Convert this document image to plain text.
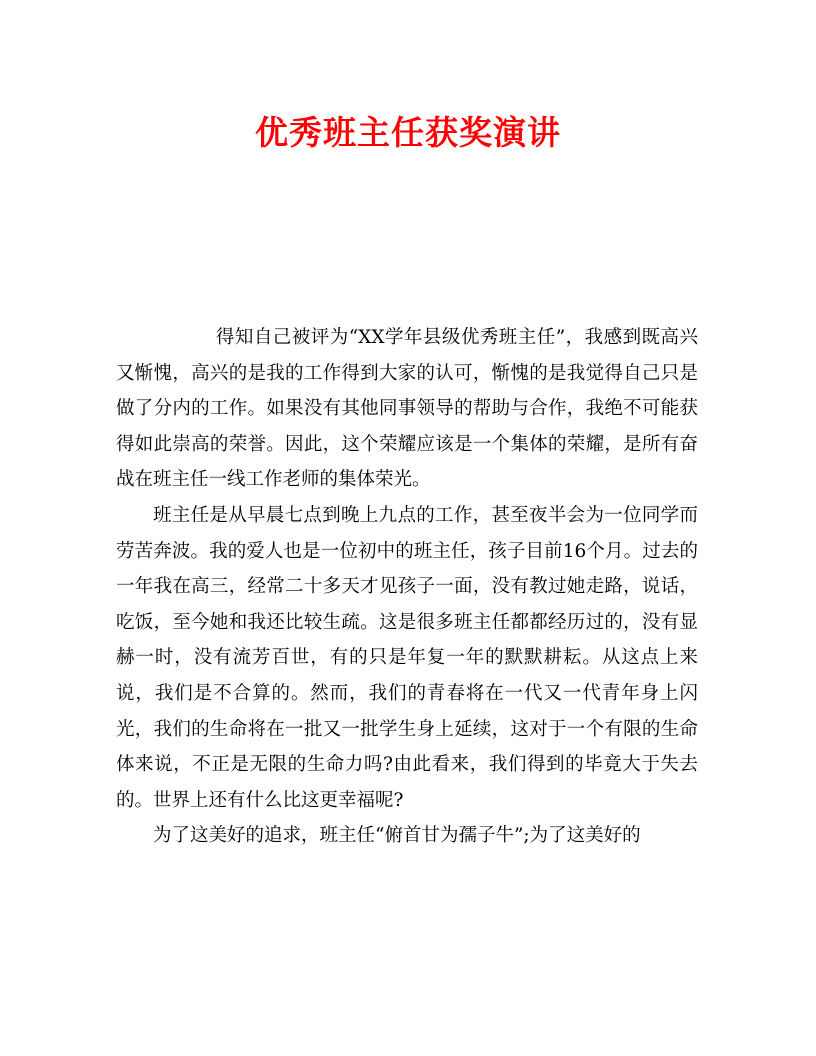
优秀班主任获奖演讲

得知自己被评为“XX学年县级优秀班主任”，我感到既高兴又惭愧，高兴的是我的工作得到大家的认可，惭愧的是我觉得自己只是做了分内的工作。如果没有其他同事领导的帮助与合作，我绝不可能获得如此崇高的荣誉。因此，这个荣耀应该是一个集体的荣耀，是所有奋战在班主任一线工作老师的集体荣光。

班主任是从早晨七点到晚上九点的工作，甚至夜半会为一位同学而劳苦奔波。我的爱人也是一位初中的班主任，孩子目前16个月。过去的一年我在高三，经常二十多天才见孩子一面，没有教过她走路，说话，吃饭，至今她和我还比较生疏。这是很多班主任都都经历过的，没有显赫一时，没有流芳百世，有的只是年复一年的默默耕耘。从这点上来说，我们是不合算的。然而，我们的青春将在一代又一代青年身上闪光，我们的生命将在一批又一批学生身上延续，这对于一个有限的生命体来说，不正是无限的生命力吗?由此看来，我们得到的毕竟大于失去的。世界上还有什么比这更幸福呢?

为了这美好的追求，班主任“俯首甘为孺子牛”;为了这美好的
